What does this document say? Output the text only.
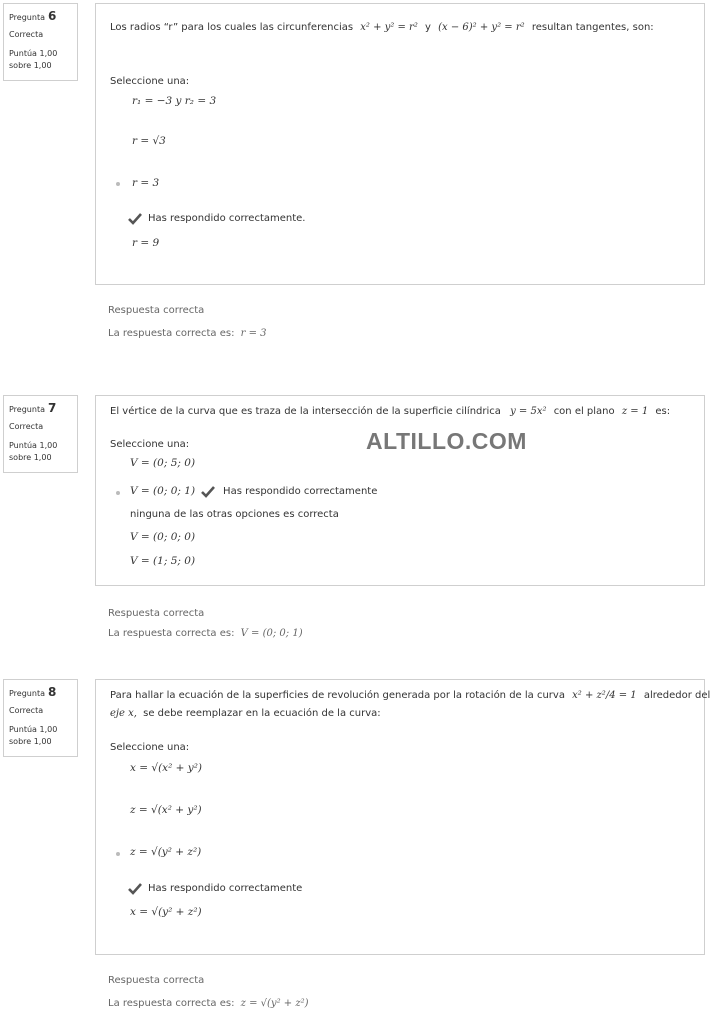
Pregunta 6
Correcta
Puntúa 1,00
sobre 1,00
Los radios “r” para los cuales las circunferencias x² + y² = r² y (x − 6)² + y² = r² resultan tangentes, son:
Seleccione una:
r₁ = −3 y r₂ = 3
r = √3
r = 3
Has respondido correctamente.
r = 9
Respuesta correcta
La respuesta correcta es: r = 3
Pregunta 7
Correcta
Puntúa 1,00
sobre 1,00
El vértice de la curva que es traza de la intersección de la superficie cilíndrica y = 5x² con el plano z = 1 es:
Seleccione una:
V = (0; 5; 0)
V = (0; 0; 1)	Has respondido correctamente
ninguna de las otras opciones es correcta
V = (0; 0; 0)
V = (1; 5; 0)
ALTILLO.COM
Respuesta correcta
La respuesta correcta es: V = (0; 0; 1)
Pregunta 8
Correcta
Puntúa 1,00
sobre 1,00
Para hallar la ecuación de la superficies de revolución generada por la rotación de la curva x² + z²/4 = 1 alrededor del
eje x, se debe reemplazar en la ecuación de la curva:
Seleccione una:
x = √(x² + y²)
z = √(x² + y²)
z = √(y² + z²)
Has respondido correctamente
x = √(y² + z²)
Respuesta correcta
La respuesta correcta es: z = √(y² + z²)
